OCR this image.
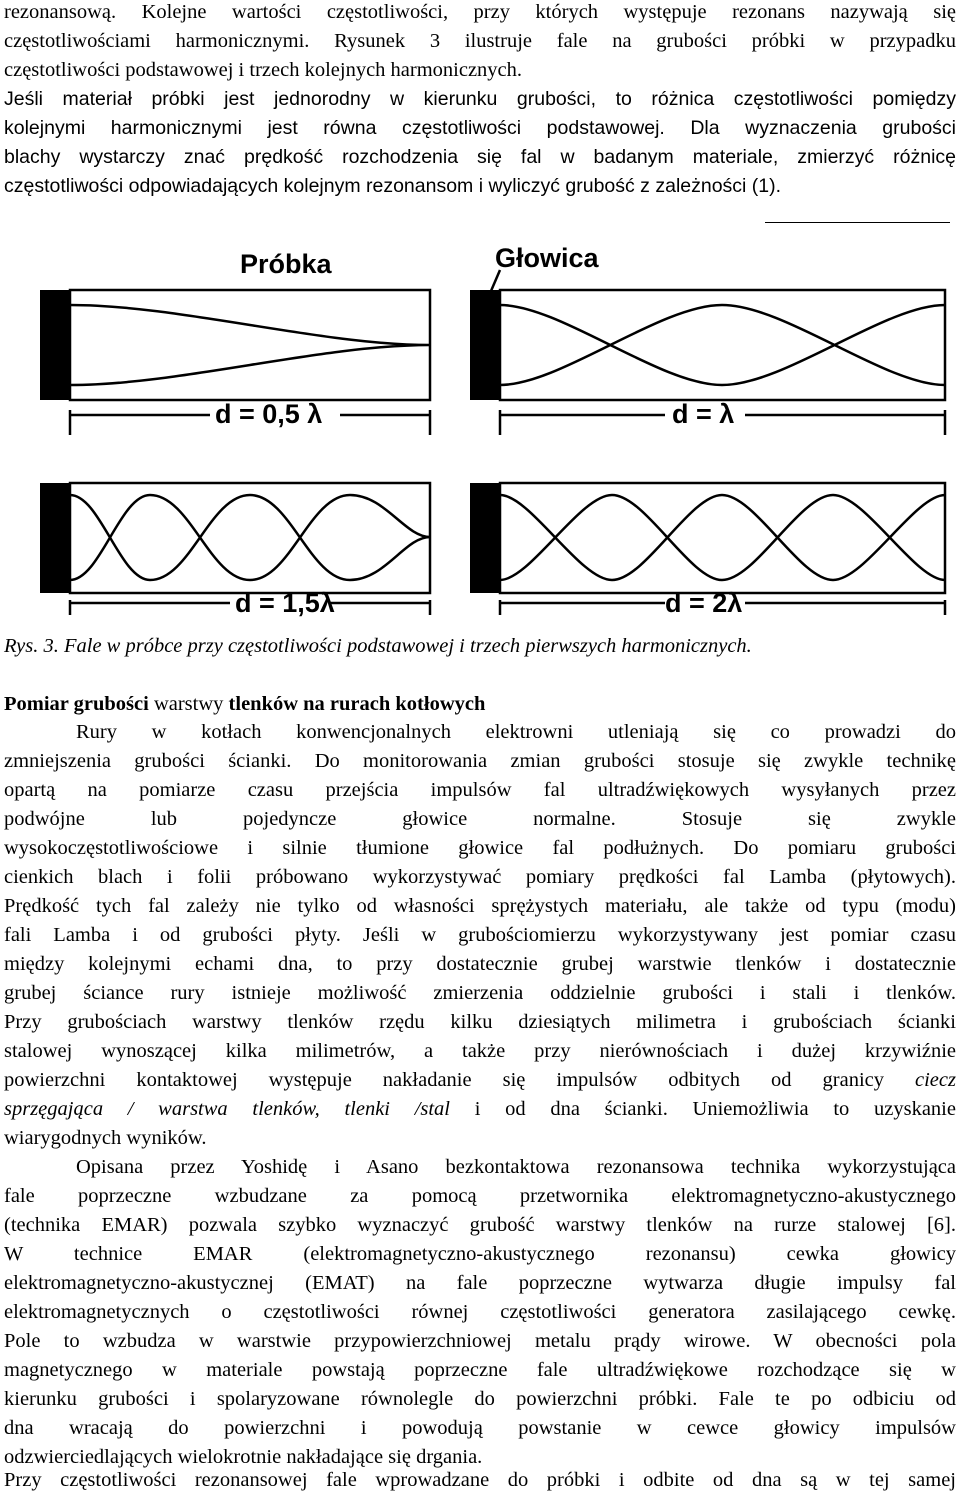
rezonansową. Kolejne wartości częstotliwości, przy których występuje rezonans nazywają się
częstotliwościami harmonicznymi. Rysunek 3 ilustruje fale na grubości próbki w przypadku
częstotliwości podstawowej i trzech kolejnych harmonicznych.
Jeśli materiał próbki jest jednorodny w kierunku grubości, to różnica częstotliwości pomiędzy
kolejnymi harmonicznymi jest równa częstotliwości podstawowej. Dla wyznaczenia grubości
blachy wystarczy znać prędkość rozchodzenia się fal w badanym materiale, zmierzyć różnicę
częstotliwości odpowiadających kolejnym rezonansom i wyliczyć grubość z zależności (1).
Próbka	Głowica
d = 0,5 λ	d = λ
d = 1,5λ	d = 2λ
Rys. 3. Fale w próbce przy częstotliwości podstawowej i trzech pierwszych harmonicznych.
Pomiar grubości warstwy tlenków na rurach kotłowych
Rury w kotłach konwencjonalnych elektrowni utleniają się co prowadzi do
zmniejszenia grubości ścianki. Do monitorowania zmian grubości stosuje się zwykle technikę
opartą na pomiarze czasu przejścia impulsów fal ultradźwiękowych wysyłanych przez
podwójne lub pojedyncze głowice normalne. Stosuje się zwykle
wysokoczęstotliwościowe i silnie tłumione głowice fal podłużnych. Do pomiaru grubości
cienkich blach i folii próbowano wykorzystywać pomiary prędkości fal Lamba (płytowych).
Prędkość tych fal zależy nie tylko od własności sprężystych materiału, ale także od typu (modu)
fali Lamba i od grubości płyty. Jeśli w grubościomierzu wykorzystywany jest pomiar czasu
między kolejnymi echami dna, to przy dostatecznie grubej warstwie tlenków i dostatecznie
grubej ściance rury istnieje możliwość zmierzenia oddzielnie grubości i stali i tlenków.
Przy grubościach warstwy tlenków rzędu kilku dziesiątych milimetra i grubościach ścianki
stalowej wynoszącej kilka milimetrów, a także przy nierównościach i dużej krzywiźnie
powierzchni kontaktowej występuje nakładanie się impulsów odbitych od granicy ciecz
sprzęgająca / warstwa tlenków, tlenki /stal i od dna ścianki. Uniemożliwia to uzyskanie
wiarygodnych wyników.
Opisana przez Yoshidę i Asano bezkontaktowa rezonansowa technika wykorzystująca
fale poprzeczne wzbudzane za pomocą przetwornika elektromagnetyczno-akustycznego
(technika EMAR) pozwala szybko wyznaczyć grubość warstwy tlenków na rurze stalowej [6].
W technice EMAR (elektromagnetyczno-akustycznego rezonansu) cewka głowicy
elektromagnetyczno-akustycznej (EMAT) na fale poprzeczne wytwarza długie impulsy fal
elektromagnetycznych o częstotliwości równej częstotliwości generatora zasilającego cewkę.
Pole to wzbudza w warstwie przypowierzchniowej metalu prądy wirowe. W obecności pola
magnetycznego w materiale powstają poprzeczne fale ultradźwiękowe rozchodzące się w
kierunku grubości i spolaryzowane równolegle do powierzchni próbki. Fale te po odbiciu od
dna wracają do powierzchni i powodują powstanie w cewce głowicy impulsów
odzwierciedlających wielokrotnie nakładające się drgania.
Przy częstotliwości rezonansowej fale wprowadzane do próbki i odbite od dna są w tej samej
